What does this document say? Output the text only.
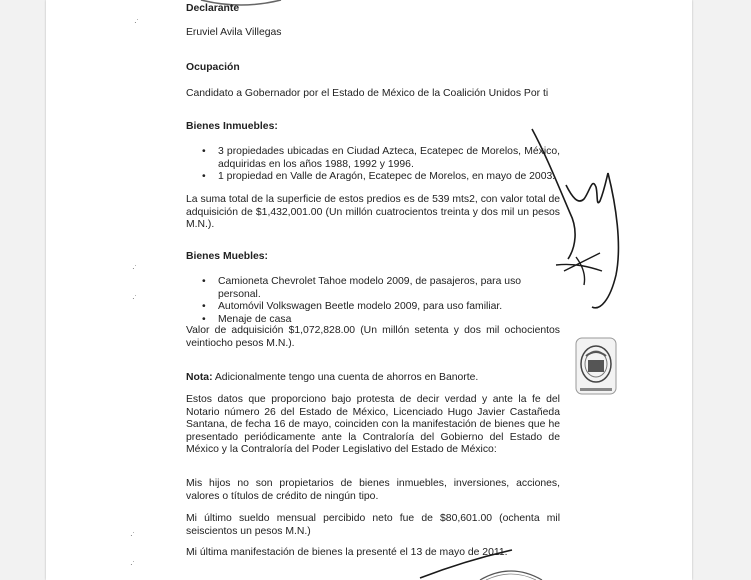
Declarante
Eruviel Avila Villegas
Ocupación
Candidato a Gobernador por el Estado de México de la Coalición Unidos Por ti
Bienes Inmuebles:
• 3 propiedades ubicadas en Ciudad Azteca, Ecatepec de Morelos, México, adquiridas en los años 1988, 1992 y 1996.
• 1 propiedad en Valle de Aragón, Ecatepec de Morelos, en mayo de 2003.
La suma total de la superficie de estos predios es de 539 mts2, con valor total de adquisición de $1,432,001.00 (Un millón cuatrocientos treinta y dos mil un pesos M.N.).
Bienes Muebles:
• Camioneta Chevrolet Tahoe modelo 2009, de pasajeros, para uso personal.
• Automóvil Volkswagen Beetle modelo 2009, para uso familiar.
• Menaje de casa
Valor de adquisición $1,072,828.00 (Un millón setenta y dos mil ochocientos veintiocho pesos M.N.).
Nota: Adicionalmente tengo una cuenta de ahorros en Banorte.
Estos datos que proporciono bajo protesta de decir verdad y ante la fe del Notario número 26 del Estado de México, Licenciado Hugo Javier Castañeda Santana, de fecha 16 de mayo, coinciden con la manifestación de bienes que he presentado periódicamente ante la Contraloría del Gobierno del Estado de México y la Contraloría del Poder Legislativo del Estado de México:
Mis hijos no son propietarios de bienes inmuebles, inversiones, acciones, valores o títulos de crédito de ningún tipo.
Mi último sueldo mensual percibido neto fue de $80,601.00 (ochenta mil seiscientos un pesos M.N.)
Mi última manifestación de bienes la presenté el 13 de mayo de 2011.
·˙
·˙
·˙
·˙
·˙
